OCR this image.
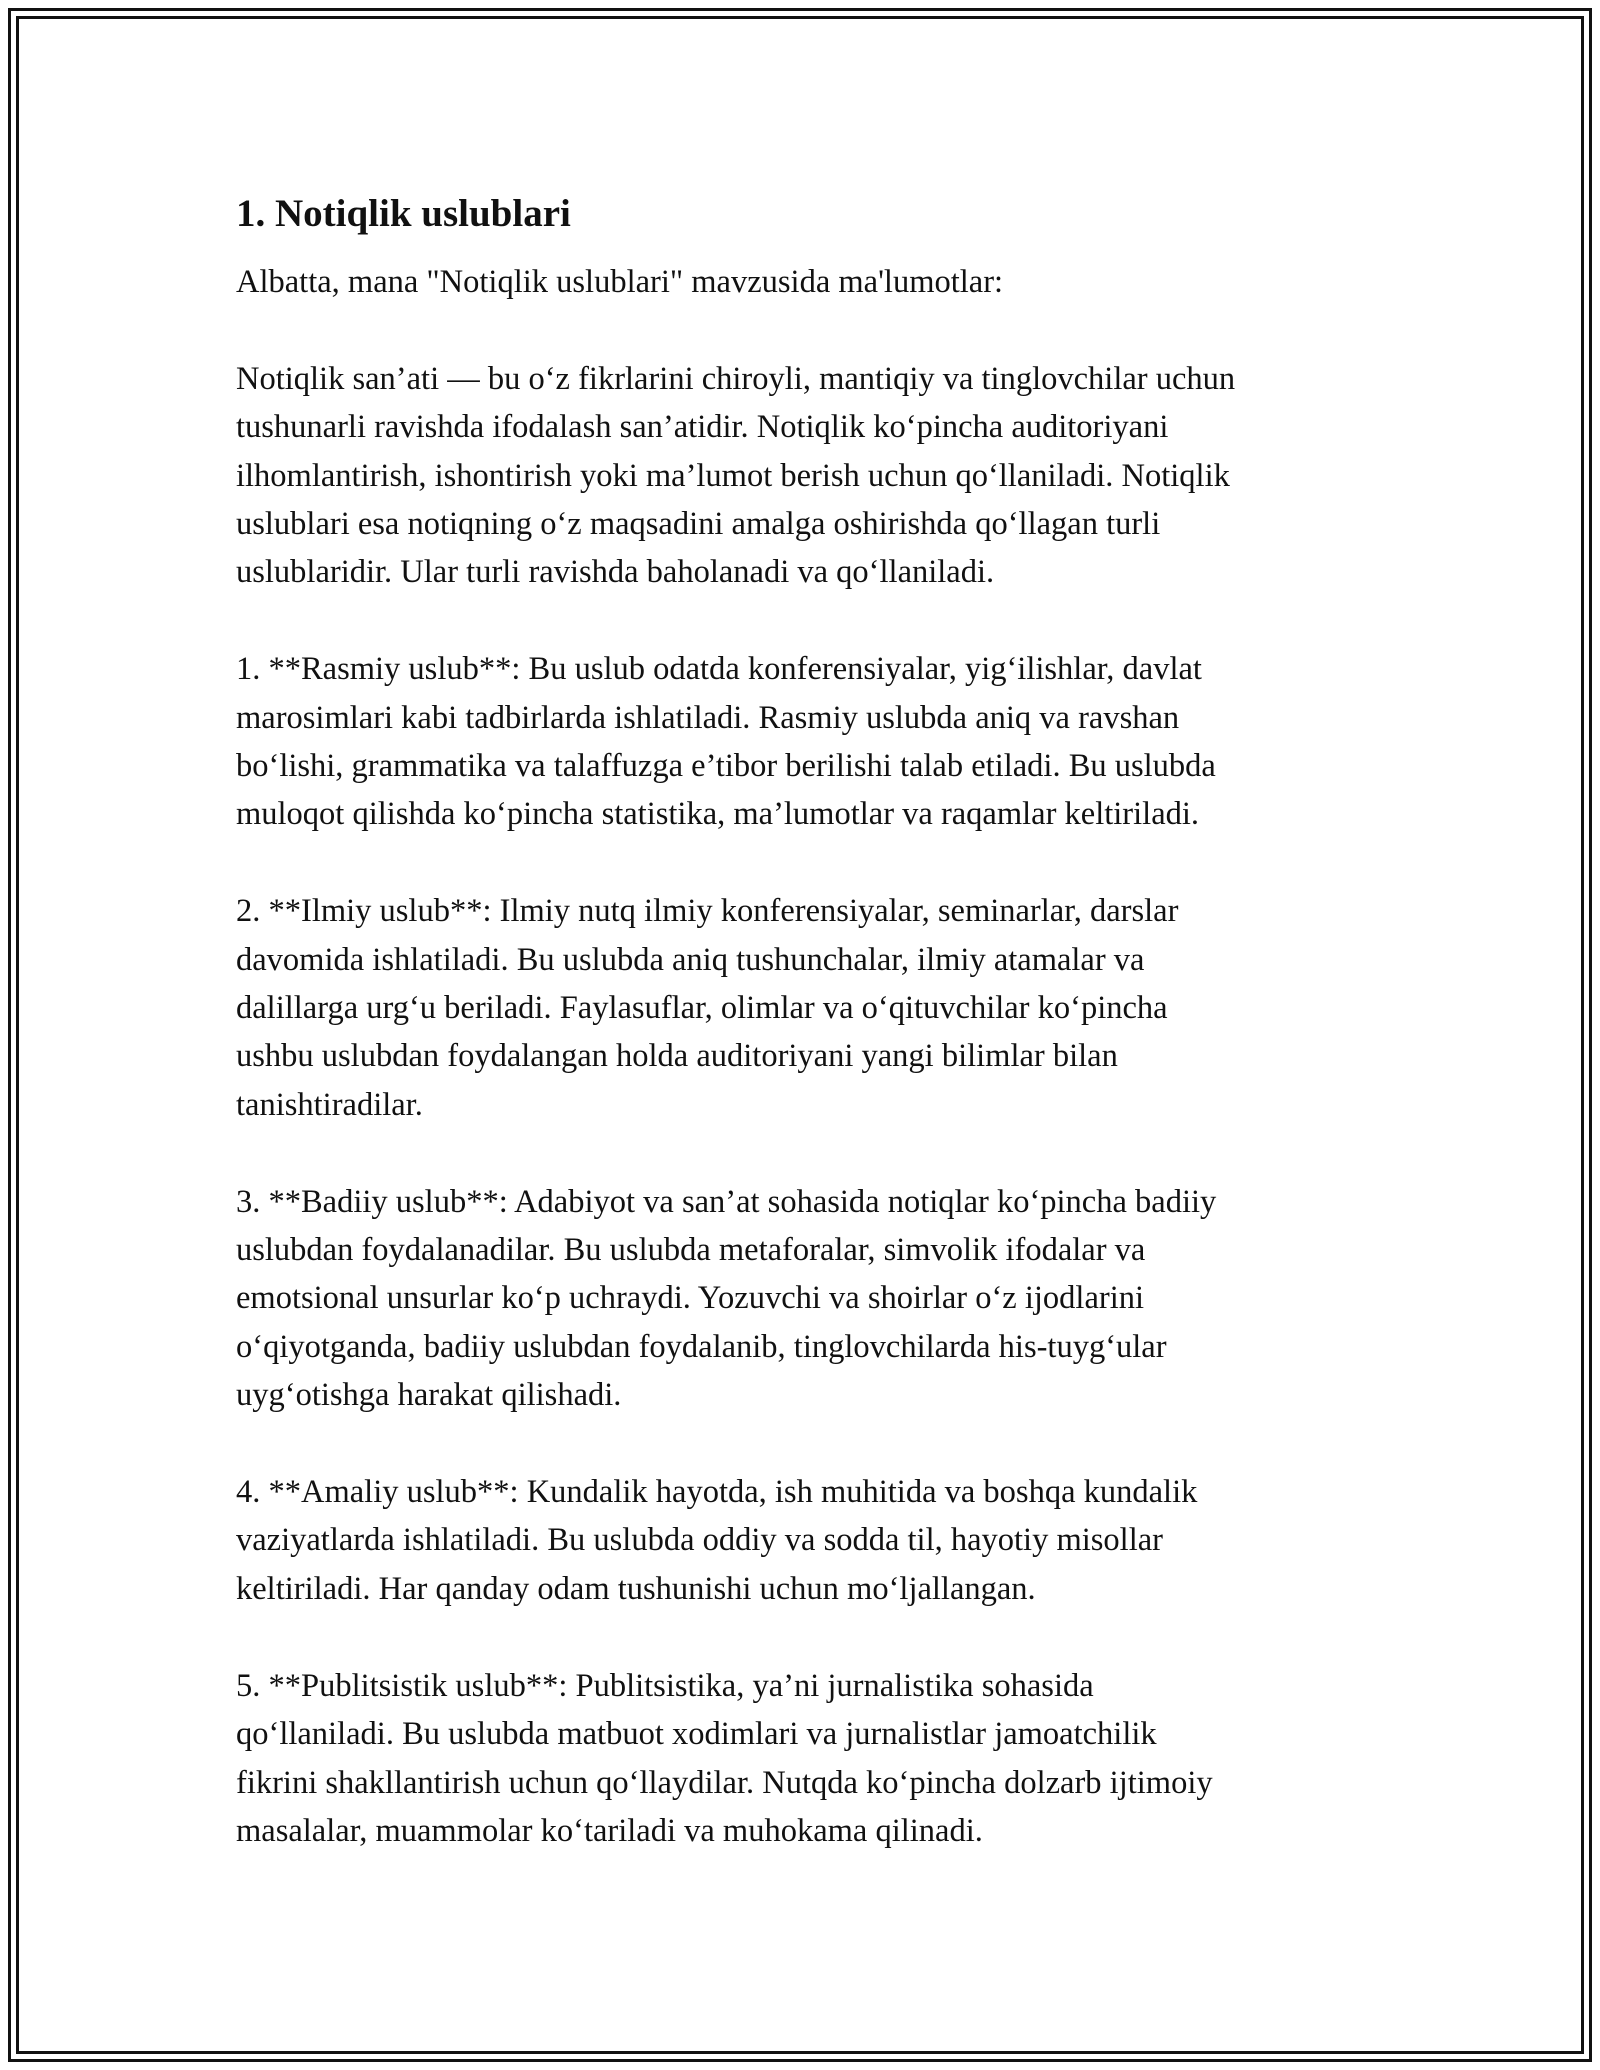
1. Notiqlik uslublari

Albatta, mana "Notiqlik uslublari" mavzusida ma'lumotlar:

Notiqlik san’ati — bu o‘z fikrlarini chiroyli, mantiqiy va tinglovchilar uchun
tushunarli ravishda ifodalash san’atidir. Notiqlik ko‘pincha auditoriyani
ilhomlantirish, ishontirish yoki ma’lumot berish uchun qo‘llaniladi. Notiqlik
uslublari esa notiqning o‘z maqsadini amalga oshirishda qo‘llagan turli
uslublaridir. Ular turli ravishda baholanadi va qo‘llaniladi.

1. **Rasmiy uslub**: Bu uslub odatda konferensiyalar, yig‘ilishlar, davlat
marosimlari kabi tadbirlarda ishlatiladi. Rasmiy uslubda aniq va ravshan
bo‘lishi, grammatika va talaffuzga e’tibor berilishi talab etiladi. Bu uslubda
muloqot qilishda ko‘pincha statistika, ma’lumotlar va raqamlar keltiriladi.

2. **Ilmiy uslub**: Ilmiy nutq ilmiy konferensiyalar, seminarlar, darslar
davomida ishlatiladi. Bu uslubda aniq tushunchalar, ilmiy atamalar va
dalillarga urg‘u beriladi. Faylasuflar, olimlar va o‘qituvchilar ko‘pincha
ushbu uslubdan foydalangan holda auditoriyani yangi bilimlar bilan
tanishtiradilar.

3. **Badiiy uslub**: Adabiyot va san’at sohasida notiqlar ko‘pincha badiiy
uslubdan foydalanadilar. Bu uslubda metaforalar, simvolik ifodalar va
emotsional unsurlar ko‘p uchraydi. Yozuvchi va shoirlar o‘z ijodlarini
o‘qiyotganda, badiiy uslubdan foydalanib, tinglovchilarda his-tuyg‘ular
uyg‘otishga harakat qilishadi.

4. **Amaliy uslub**: Kundalik hayotda, ish muhitida va boshqa kundalik
vaziyatlarda ishlatiladi. Bu uslubda oddiy va sodda til, hayotiy misollar
keltiriladi. Har qanday odam tushunishi uchun mo‘ljallangan.

5. **Publitsistik uslub**: Publitsistika, ya’ni jurnalistika sohasida
qo‘llaniladi. Bu uslubda matbuot xodimlari va jurnalistlar jamoatchilik
fikrini shakllantirish uchun qo‘llaydilar. Nutqda ko‘pincha dolzarb ijtimoiy
masalalar, muammolar ko‘tariladi va muhokama qilinadi.
